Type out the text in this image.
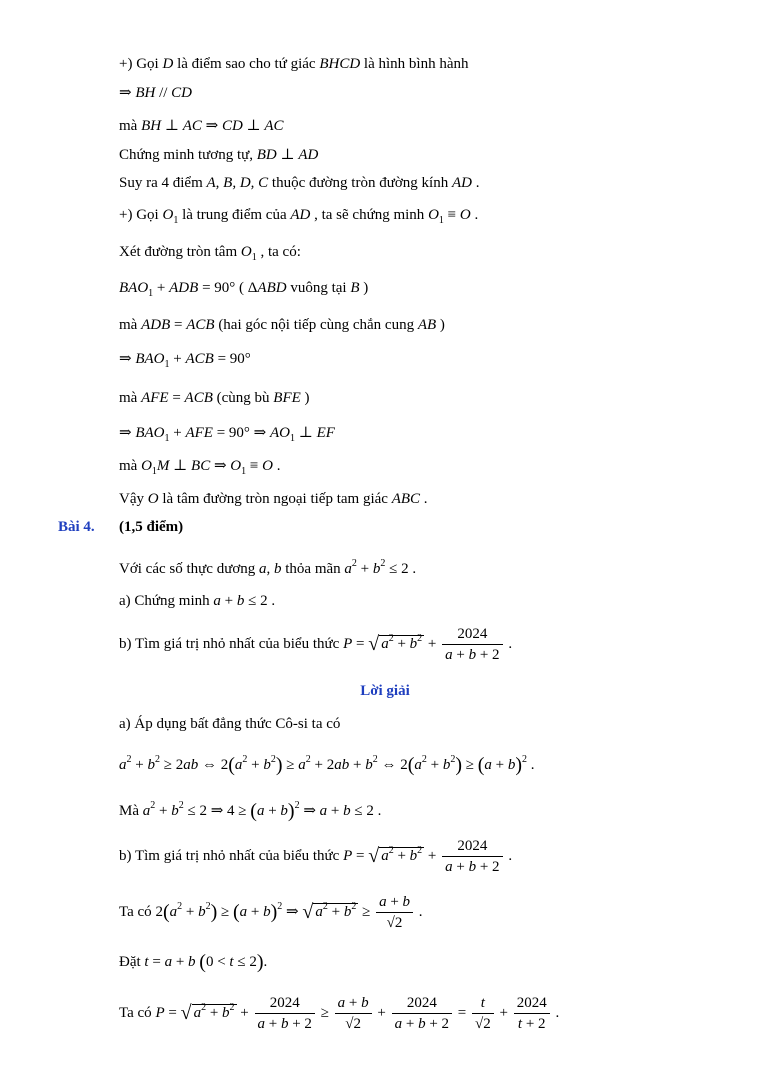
+) Gọi D là điểm sao cho tứ giác BHCD là hình bình hành
⇒ BH // CD
mà BH ⊥ AC ⇒ CD ⊥ AC
Chứng minh tương tự, BD ⊥ AD
Suy ra 4 điểm A, B, D, C thuộc đường tròn đường kính AD .
+) Gọi $O_1$ là trung điểm của AD , ta sẽ chứng minh $O_1 \equiv O$ .
Xét đường tròn tâm $O_1$ , ta có:
$BAO_1$ + ADB = 90° ( ΔABD vuông tại B )
mà ADB = ACB (hai góc nội tiếp cùng chắn cung AB )
⇒ $BAO_1$ + ACB = 90°
mà AFE = ACB (cùng bù BFE )
⇒ $BAO_1$ + AFE = 90° ⇒ $AO_1$ ⊥ EF
mà $O_1M$ ⊥ BC ⇒ $O_1 \equiv O$ .
Vậy O là tâm đường tròn ngoại tiếp tam giác ABC .
Bài 4. (1,5 điểm)
Với các số thực dương a, b thỏa mãn $a^2 + b^2 \le 2$ .
a) Chứng minh a + b ≤ 2 .
b) Tìm giá trị nhỏ nhất của biểu thức P = √ $a^2 + b^2 + \frac{2024}{a + b + 2}$ .
Lời giải
a) Áp dụng bất đẳng thức Cô-si ta có
$a^2 + b^2 \ge 2ab$ ⇔ $2(a^2 + b^2) \ge a^2 + 2ab + b^2$ ⇔ $2(a^2 + b^2) \ge (a + b)^2$ .
Mà $a^2 + b^2 \le 2$ ⇒ $4 \ge (a + b)^2$ ⇒ a + b ≤ 2 .
b) Tìm giá trị nhỏ nhất của biểu thức P = √ $a^2 + b^2 + \frac{2024}{a + b + 2}$ .
Ta có $2(a^2 + b^2) \ge (a + b)^2$ ⇒ √ $a^2 + b^2 \ge \frac{a + b}{√2}$ .
Đặt t = a + b (0 < t ≤ 2).
Ta có P = √ $a^2 + b^2 + \frac{2024}{a + b + 2} \ge \frac{a + b}{√2} + \frac{2024}{a + b + 2} = \frac{t}{√2} + \frac{2024}{t + 2}$ .
